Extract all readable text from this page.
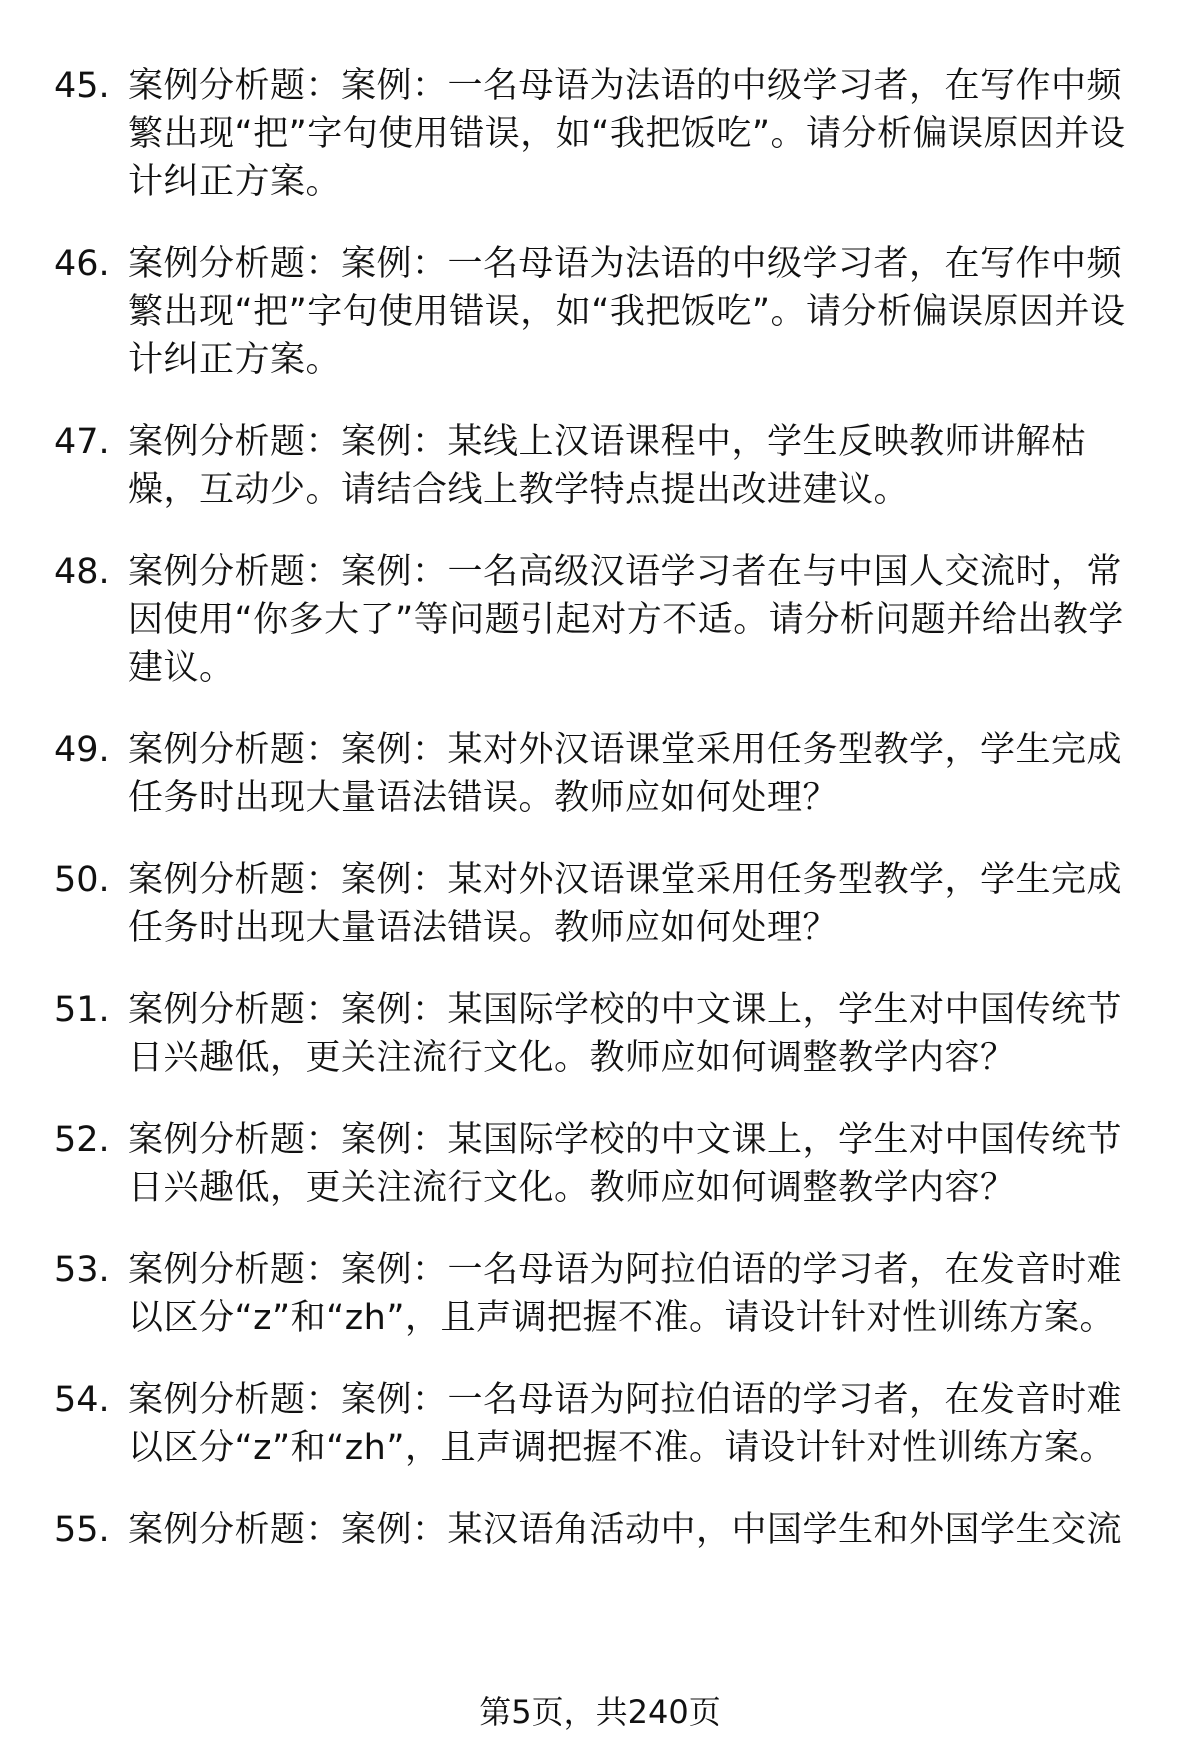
45. 案例分析题：案例：一名母语为法语的中级学习者，在写作中频繁出现“把”字句使用错误，如“我把饭吃”。请分析偏误原因并设计纠正方案。
46. 案例分析题：案例：一名母语为法语的中级学习者，在写作中频繁出现“把”字句使用错误，如“我把饭吃”。请分析偏误原因并设计纠正方案。
47. 案例分析题：案例：某线上汉语课程中，学生反映教师讲解枯燥，互动少。请结合线上教学特点提出改进建议。
48. 案例分析题：案例：一名高级汉语学习者在与中国人交流时，常因使用“你多大了”等问题引起对方不适。请分析问题并给出教学建议。
49. 案例分析题：案例：某对外汉语课堂采用任务型教学，学生完成任务时出现大量语法错误。教师应如何处理？
50. 案例分析题：案例：某对外汉语课堂采用任务型教学，学生完成任务时出现大量语法错误。教师应如何处理？
51. 案例分析题：案例：某国际学校的中文课上，学生对中国传统节日兴趣低，更关注流行文化。教师应如何调整教学内容？
52. 案例分析题：案例：某国际学校的中文课上，学生对中国传统节日兴趣低，更关注流行文化。教师应如何调整教学内容？
53. 案例分析题：案例：一名母语为阿拉伯语的学习者，在发音时难以区分“z”和“zh”，且声调把握不准。请设计针对性训练方案。
54. 案例分析题：案例：一名母语为阿拉伯语的学习者，在发音时难以区分“z”和“zh”，且声调把握不准。请设计针对性训练方案。
55. 案例分析题：案例：某汉语角活动中，中国学生和外国学生交流
第5页，共240页
